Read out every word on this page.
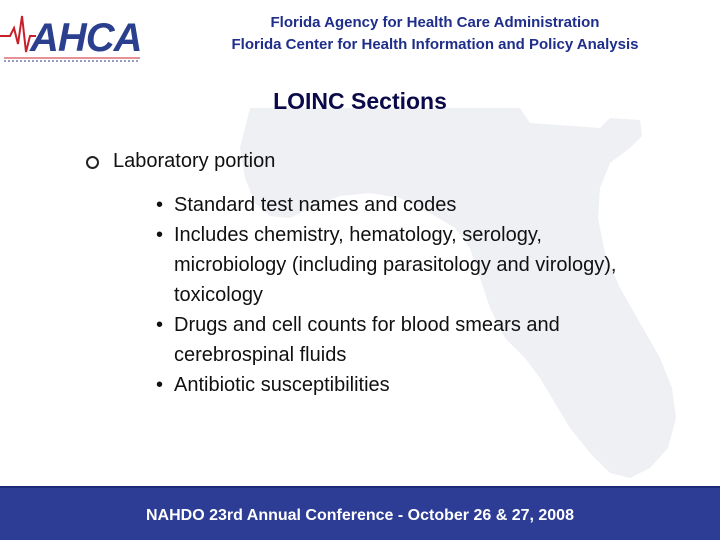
AHCA	Florida Agency for Health Care Administration
Florida Center for Health Information and Policy Analysis
LOINC Sections
Laboratory portion
• Standard test names and codes
• Includes chemistry, hematology, serology, microbiology (including parasitology and virology), toxicology
• Drugs and cell counts for blood smears and cerebrospinal fluids
• Antibiotic susceptibilities
NAHDO 23rd Annual Conference - October 26 & 27, 2008
